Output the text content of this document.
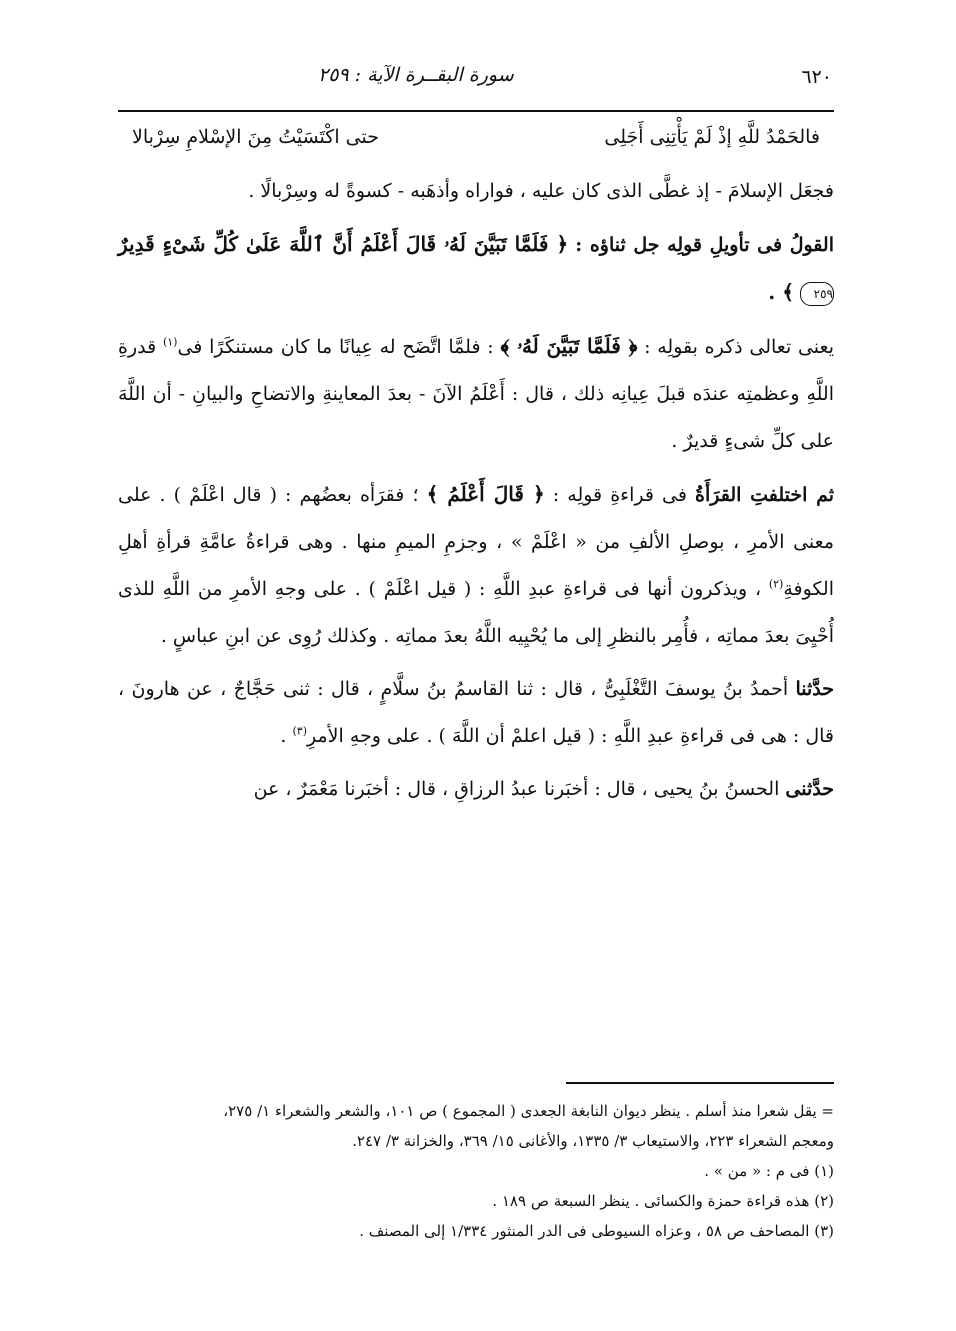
٦٢٠
سورة البقــرة الآية : ٢٥٩
فالحَمْدُ للَّهِ إذْ لَمْ يَأْتِنِى أَجَلِى
حتى اكْتَسَيْتُ مِنَ الإسْلامِ سِرْبالا

فجعَل الإسلامَ - إذ غطَّى الذى كان عليه ، فواراه وأذهَبه - كسوةً له وسِرْبالًا .

القولُ فى تأويلِ قولِه جل ثناؤه : ﴿ فَلَمَّا تَبَيَّنَ لَهُۥ قَالَ أَعْلَمُ أَنَّ ٱللَّهَ عَلَىٰ كُلِّ شَىْءٍ قَدِيرٌ ٢٥٩ ﴾ .

يعنى تعالى ذكره بقولِه : ﴿ فَلَمَّا تَبَيَّنَ لَهُۥ ﴾ : فلمَّا اتَّضَح له عِيانًا ما كان مستنكَرًا فى$^{(١)}$ قدرةِ اللَّهِ وعظمتِه عندَه قبلَ عِيانِه ذلك ، قال : أَعْلَمُ الآنَ - بعدَ المعاينةِ والاتضاحِ والبيانِ - أن اللَّهَ على كلِّ شىءٍ قديرٌ .

ثم اختلفتِ القرَأَةُ فى قراءةِ قولِه : ﴿ قَالَ أَعْلَمُ ﴾ ؛ فقرَأه بعضُهم : ( قال اعْلَمْ ) . على معنى الأمرِ ، بوصلِ الألفِ من « اعْلَمْ » ، وجزمِ الميمِ منها . وهى قراءةُ عامَّةِ قرأةِ أهلِ الكوفةِ$^{(٢)}$ ، ويذكرون أنها فى قراءةِ عبدِ اللَّهِ : ( قيل اعْلَمْ ) . على وجهِ الأمرِ من اللَّهِ للذى أُحْيِىَ بعدَ مماتِه ، فأُمِر بالنظرِ إلى ما يُحْيِيه اللَّهُ بعدَ مماتِه . وكذلك رُوِى عن ابنِ عباسٍ .

حدَّثنا أحمدُ بنُ يوسفَ التَّغْلَبِىُّ ، قال : ثنا القاسمُ بنُ سلَّامٍ ، قال : ثنى حَجَّاجٌ ، عن هارونَ ، قال : هى فى قراءةِ عبدِ اللَّهِ : ( قيل اعلمْ أن اللَّهَ ) . على وجهِ الأمرِ$^{(٣)}$ .

حدَّثنى الحسنُ بنُ يحيى ، قال : أخبَرنا عبدُ الرزاقِ ، قال : أخبَرنا مَعْمَرٌ ، عن

= يقل شعرا منذ أسلم . ينظر ديوان النابغة الجعدى ( المجموع ) ص ١٠١، والشعر والشعراء ١/ ٢٧٥،
ومعجم الشعراء ٢٢٣، والاستيعاب ٣/ ١٣٣٥، والأغانى ١٥/ ٣٦٩، والخزانة ٣/ ٢٤٧.
(١) فى م : « من » .
(٢) هذه قراءة حمزة والكسائى . ينظر السبعة ص ١٨٩ .
(٣) المصاحف ص ٥٨ ، وعزاه السيوطى فى الدر المنثور ١/٣٣٤ إلى المصنف .
